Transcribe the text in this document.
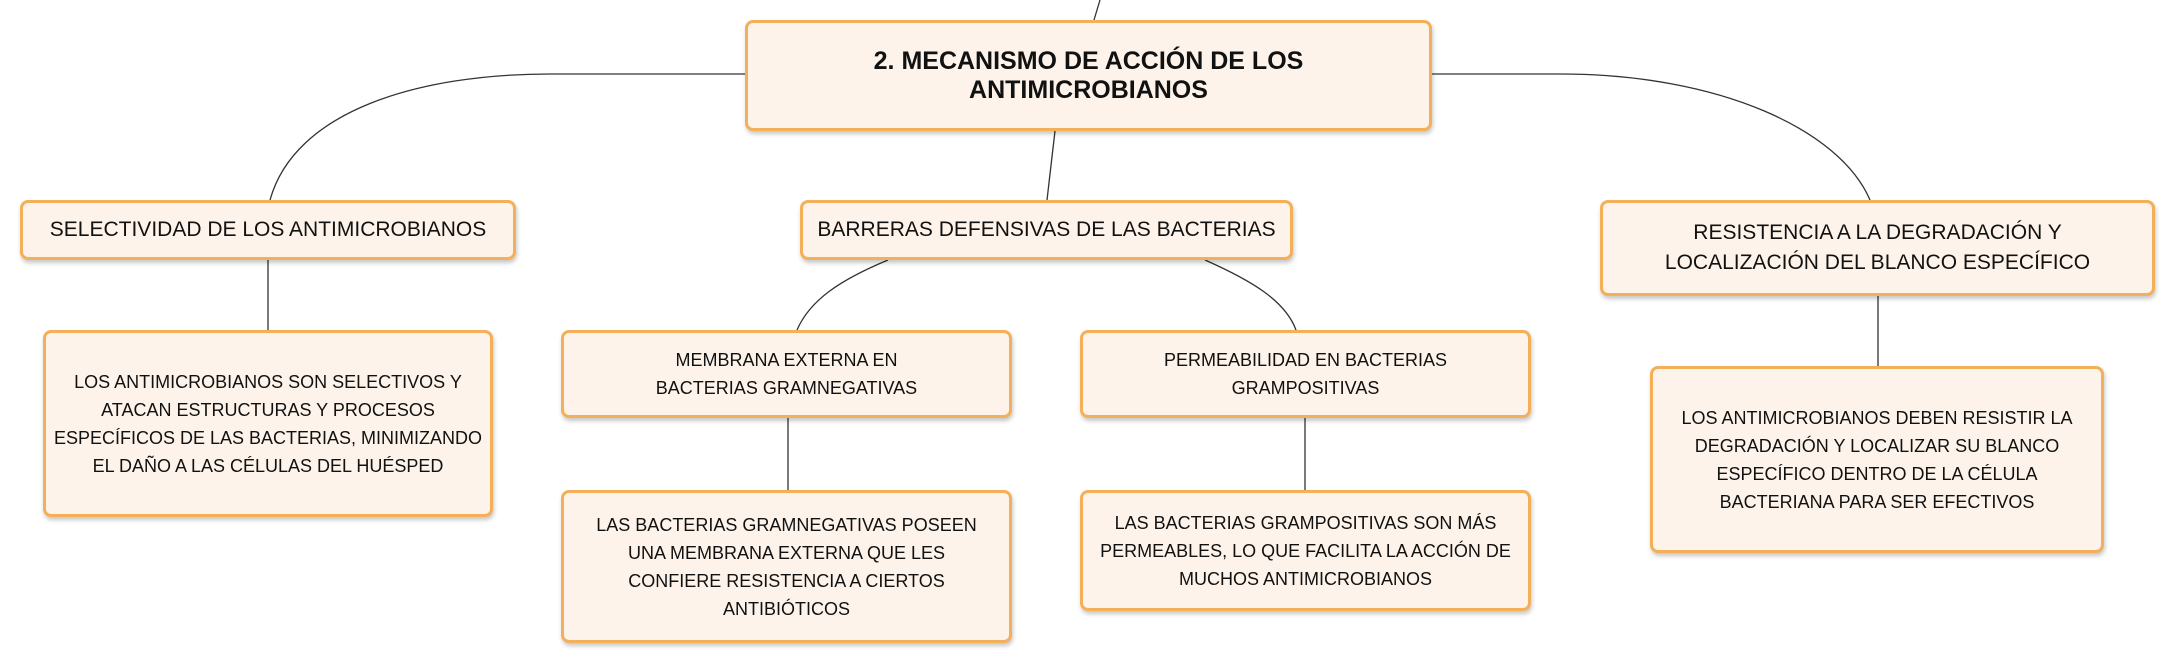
2. MECANISMO DE ACCIÓN DE LOS ANTIMICROBIANOS
SELECTIVIDAD DE LOS ANTIMICROBIANOS	BARRERAS DEFENSIVAS DE LAS BACTERIAS	RESISTENCIA A LA DEGRADACIÓN Y LOCALIZACIÓN DEL BLANCO ESPECÍFICO
LOS ANTIMICROBIANOS SON SELECTIVOS Y ATACAN ESTRUCTURAS Y PROCESOS ESPECÍFICOS DE LAS BACTERIAS, MINIMIZANDO EL DAÑO A LAS CÉLULAS DEL HUÉSPED
MEMBRANA EXTERNA EN BACTERIAS GRAMNEGATIVAS
PERMEABILIDAD EN BACTERIAS GRAMPOSITIVAS
LAS BACTERIAS GRAMNEGATIVAS POSEEN UNA MEMBRANA EXTERNA QUE LES CONFIERE RESISTENCIA A CIERTOS ANTIBIÓTICOS
LAS BACTERIAS GRAMPOSITIVAS SON MÁS PERMEABLES, LO QUE FACILITA LA ACCIÓN DE MUCHOS ANTIMICROBIANOS
LOS ANTIMICROBIANOS DEBEN RESISTIR LA DEGRADACIÓN Y LOCALIZAR SU BLANCO ESPECÍFICO DENTRO DE LA CÉLULA BACTERIANA PARA SER EFECTIVOS
